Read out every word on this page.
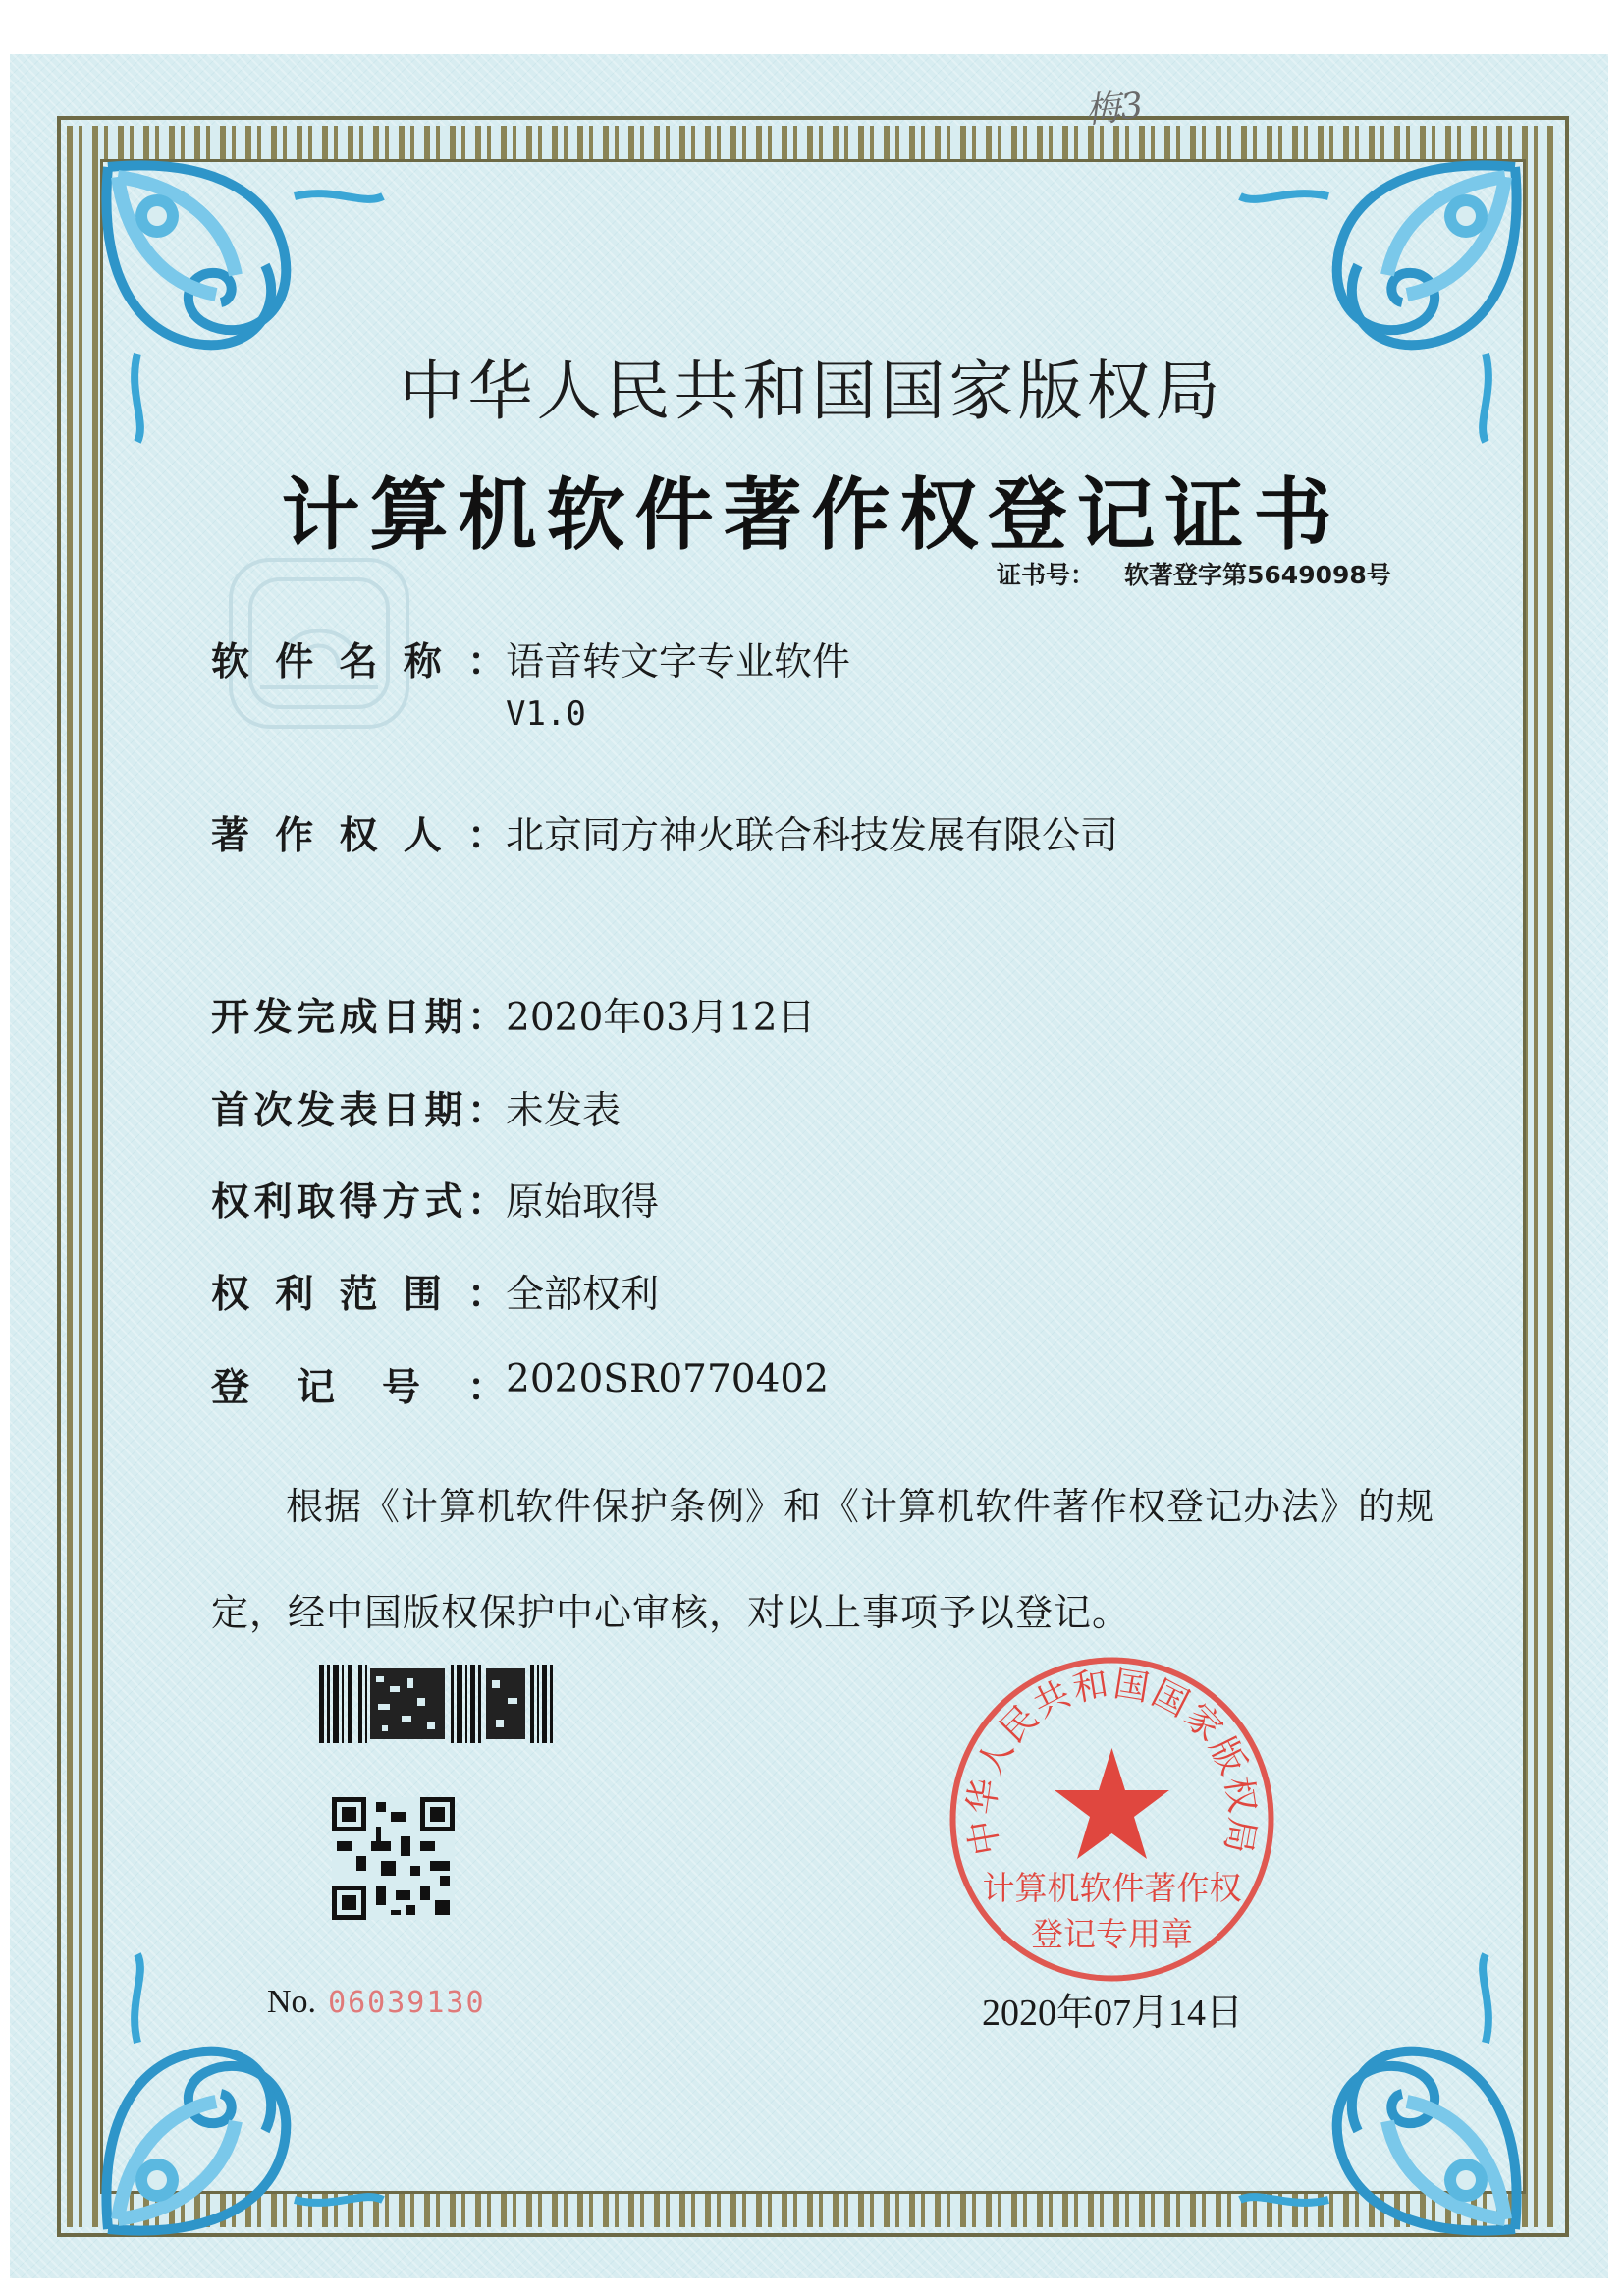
梅3
中华人民共和国国家版权局
计算机软件著作权登记证书
证书号： 软著登字第5649098号
软件名称： 语音转文字专业软件
V1.0
著作权人： 北京同方神火联合科技发展有限公司
开发完成日期： 2020年03月12日
首次发表日期： 未发表
权利取得方式： 原始取得
权利范围： 全部权利
登记号： 2020SR0770402
根据《计算机软件保护条例》和《计算机软件著作权登记办法》的规定，经中国版权保护中心审核，对以上事项予以登记。
No. 06039130
中华人民共和国国家版权局
计算机软件著作权
登记专用章
2020年07月14日
